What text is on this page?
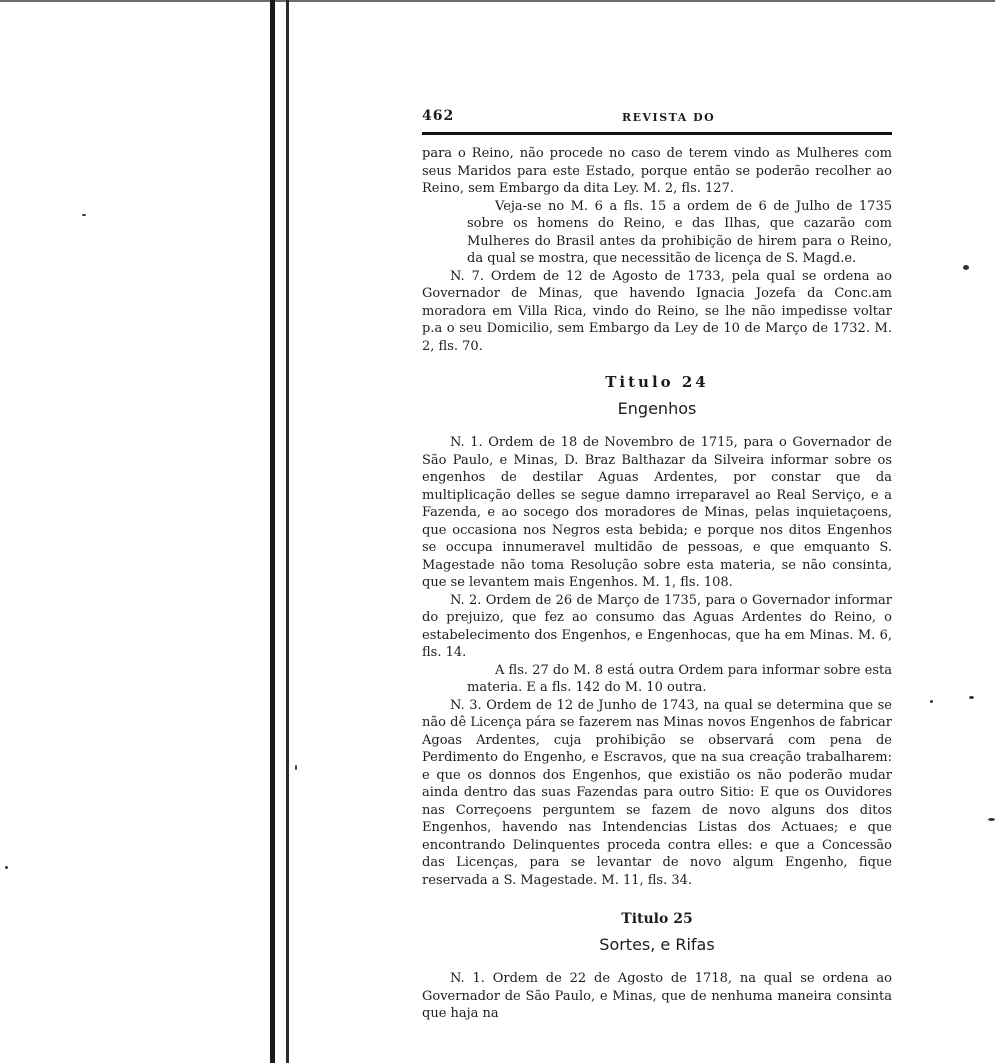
462	REVISTA DO

para o Reino, não procede no caso de terem vindo as Mulheres com seus Maridos para este Estado, porque então se poderão recolher ao Reino, sem Embargo da dita Ley. M. 2, fls. 127.

Veja-se no M. 6 a fls. 15 a ordem de 6 de Julho de 1735 sobre os homens do Reino, e das Ilhas, que cazarão com Mulheres do Brasil antes da prohibição de hirem para o Reino, da qual se mostra, que necessitão de licença de S. Magd.e.

N. 7. Ordem de 12 de Agosto de 1733, pela qual se ordena ao Governador de Minas, que havendo Ignacia Jozefa da Conc.am moradora em Villa Rica, vindo do Reino, se lhe não impedisse voltar p.a o seu Domicilio, sem Embargo da Ley de 10 de Março de 1732. M. 2, fls. 70.

Titulo 24
Engenhos

N. 1. Ordem de 18 de Novembro de 1715, para o Governador de São Paulo, e Minas, D. Braz Balthazar da Silveira informar sobre os engenhos de destilar Aguas Ardentes, por constar que da multiplicação delles se segue damno irreparavel ao Real Serviço, e a Fazenda, e ao socego dos moradores de Minas, pelas inquietaçoens, que occasiona nos Negros esta bebida; e porque nos ditos Engenhos se occupa innumeravel multidão de pessoas, e que emquanto S. Magestade não toma Resolução sobre esta materia, se não consinta, que se levantem mais Engenhos. M. 1, fls. 108.

N. 2. Ordem de 26 de Março de 1735, para o Governador informar do prejuizo, que fez ao consumo das Aguas Ardentes do Reino, o estabelecimento dos Engenhos, e Engenhocas, que ha em Minas. M. 6, fls. 14.

A fls. 27 do M. 8 está outra Ordem para informar sobre esta materia. E a fls. 142 do M. 10 outra.

N. 3. Ordem de 12 de Junho de 1743, na qual se determina que se não dê Licença pára se fazerem nas Minas novos Engenhos de fabricar Agoas Ardentes, cuja prohibição se observará com pena de Perdimento do Engenho, e Escravos, que na sua creação trabalharem: e que os donnos dos Engenhos, que existião os não poderão mudar ainda dentro das suas Fazendas para outro Sitio: E que os Ouvidores nas Correçoens perguntem se fazem de novo alguns dos ditos Engenhos, havendo nas Intendencias Listas dos Actuaes; e que encontrando Delinquentes proceda contra elles: e que a Concessão das Licenças, para se levantar de novo algum Engenho, fique reservada a S. Magestade. M. 11, fls. 34.

Titulo 25
Sortes, e Rifas

N. 1. Ordem de 22 de Agosto de 1718, na qual se ordena ao Governador de São Paulo, e Minas, que de nenhuma maneira consinta que haja na
